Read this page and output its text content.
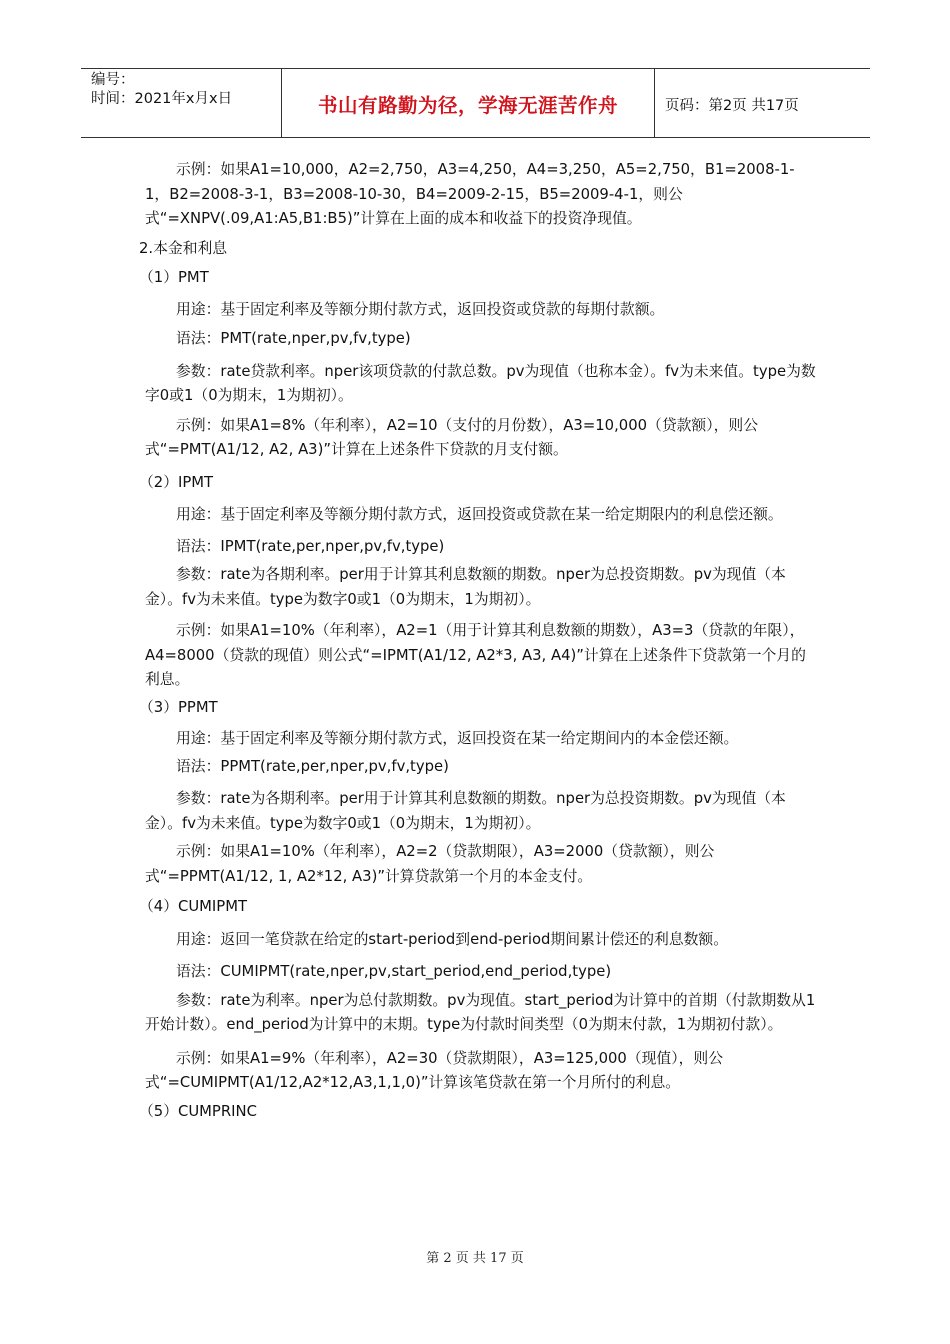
编号：
时间：2021年x月x日	书山有路勤为径，学海无涯苦作舟	页码：第2页 共17页

示例：如果A1=10,000，A2=2,750，A3=4,250，A4=3,250，A5=2,750，B1=2008-1-1，B2=2008-3-1，B3=2008-10-30，B4=2009-2-15，B5=2009-4-1，则公式“=XNPV(.09,A1:A5,B1:B5)”计算在上面的成本和收益下的投资净现值。

2.本金和利息

（1）PMT

用途：基于固定利率及等额分期付款方式，返回投资或贷款的每期付款额。

语法：PMT(rate,nper,pv,fv,type)

参数：rate贷款利率。nper该项贷款的付款总数。pv为现值（也称本金）。fv为未来值。type为数字0或1（0为期末，1为期初）。

示例：如果A1=8%（年利率），A2=10（支付的月份数），A3=10,000（贷款额），则公式“=PMT(A1/12, A2, A3)”计算在上述条件下贷款的月支付额。

（2）IPMT

用途：基于固定利率及等额分期付款方式，返回投资或贷款在某一给定期限内的利息偿还额。

语法：IPMT(rate,per,nper,pv,fv,type)

参数：rate为各期利率。per用于计算其利息数额的期数。nper为总投资期数。pv为现值（本金）。fv为未来值。type为数字0或1（0为期末，1为期初）。

示例：如果A1=10%（年利率），A2=1（用于计算其利息数额的期数），A3=3（贷款的年限），A4=8000（贷款的现值）则公式“=IPMT(A1/12, A2*3, A3, A4)”计算在上述条件下贷款第一个月的利息。

（3）PPMT

用途：基于固定利率及等额分期付款方式，返回投资在某一给定期间内的本金偿还额。

语法：PPMT(rate,per,nper,pv,fv,type)

参数：rate为各期利率。per用于计算其利息数额的期数。nper为总投资期数。pv为现值（本金）。fv为未来值。type为数字0或1（0为期末，1为期初）。

示例：如果A1=10%（年利率），A2=2（贷款期限），A3=2000（贷款额），则公式“=PPMT(A1/12, 1, A2*12, A3)”计算贷款第一个月的本金支付。

（4）CUMIPMT

用途：返回一笔贷款在给定的start-period到end-period期间累计偿还的利息数额。

语法：CUMIPMT(rate,nper,pv,start_period,end_period,type)

参数：rate为利率。nper为总付款期数。pv为现值。start_period为计算中的首期（付款期数从1开始计数）。end_period为计算中的末期。type为付款时间类型（0为期末付款，1为期初付款）。

示例：如果A1=9%（年利率），A2=30（贷款期限），A3=125,000（现值），则公式“=CUMIPMT(A1/12,A2*12,A3,1,1,0)”计算该笔贷款在第一个月所付的利息。

（5）CUMPRINC

第 2 页 共 17 页
